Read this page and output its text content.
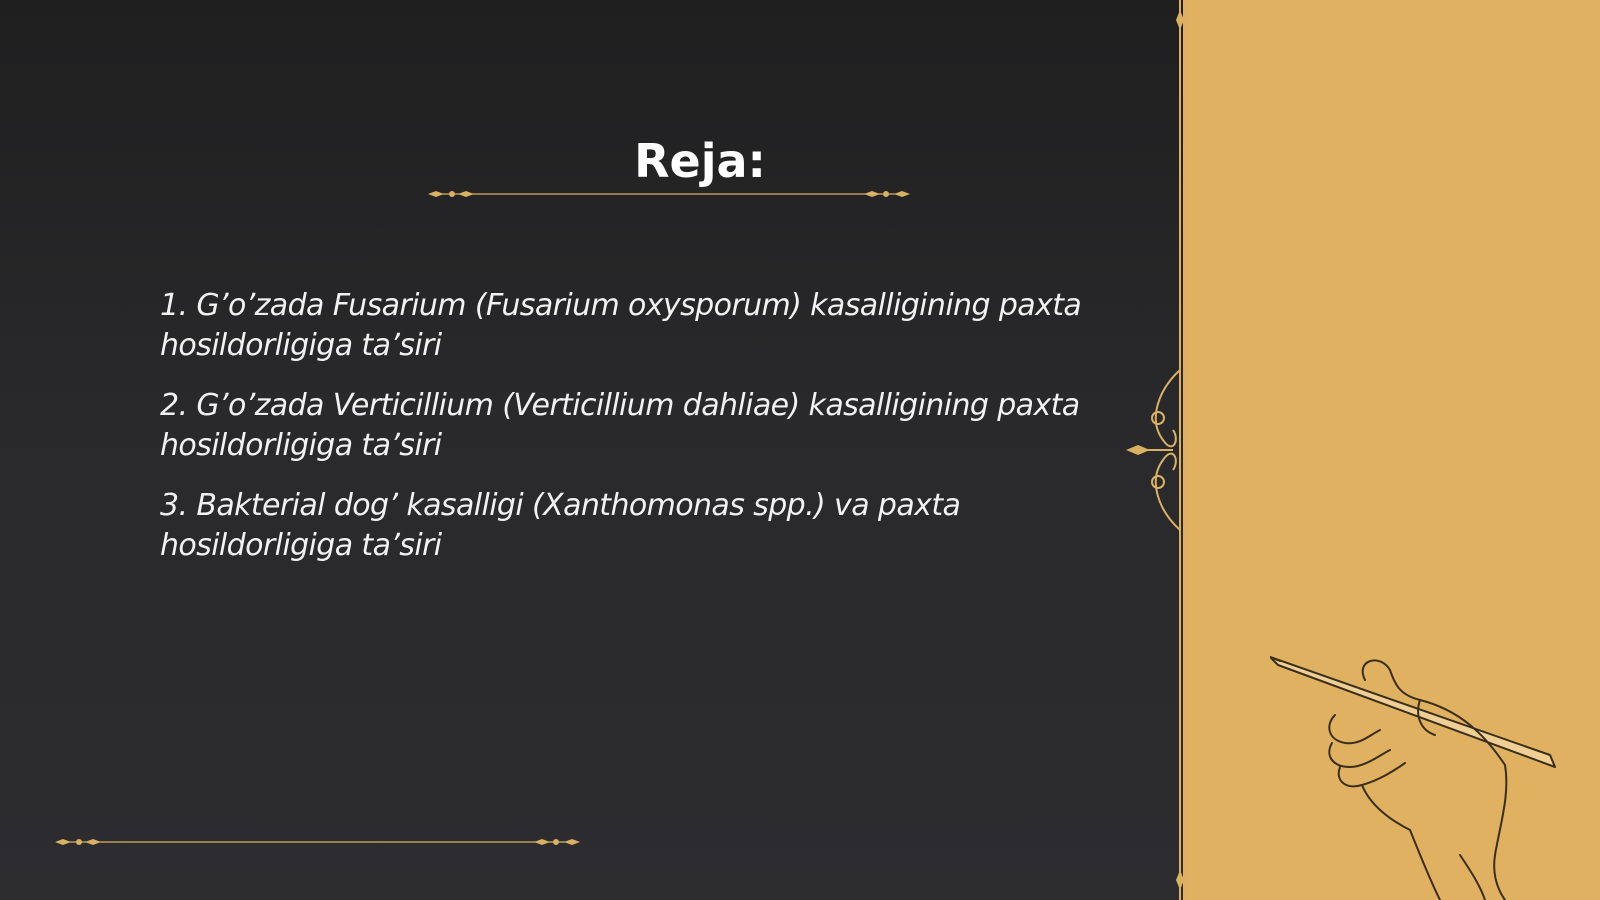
Reja:
1. G’o’zada Fusarium (Fusarium oxysporum) kasalligining paxta hosildorligiga ta’siri
2. G’o’zada Verticillium (Verticillium dahliae) kasalligining paxta hosildorligiga ta’siri
3. Bakterial dog’ kasalligi (Xanthomonas spp.) va paxta hosildorligiga ta’siri
